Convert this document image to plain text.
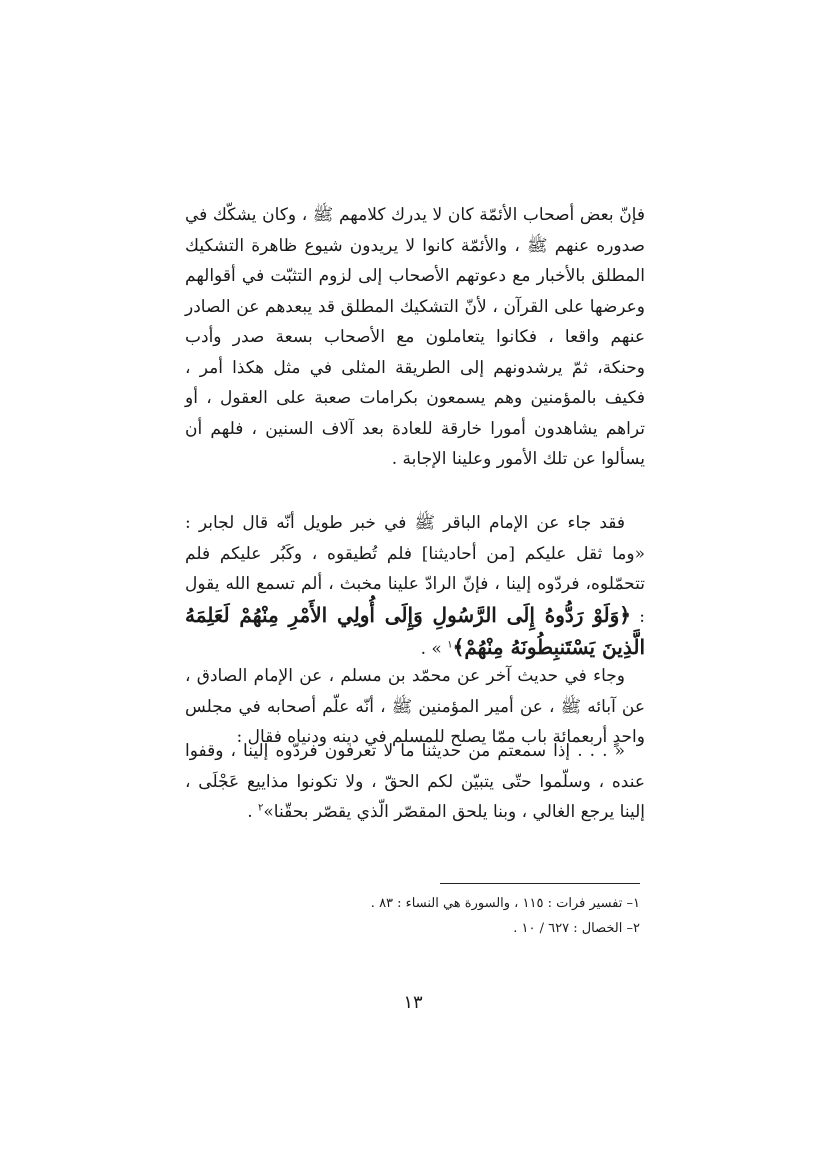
فإنّ بعض أصحاب الأئمّة كان لا يدرك كلامهم ﷺ ، وكان يشكّك في صدوره عنهم ﷺ ، والأئمّة كانوا لا يريدون شيوع ظاهرة التشكيك المطلق بالأخبار مع دعوتهم الأصحاب إلى لزوم التثبّت في أقوالهم وعرضها على القرآن ، لأنّ التشكيك المطلق قد يبعدهم عن الصادر عنهم واقعا ، فكانوا يتعاملون مع الأصحاب بسعة صدر وأدب وحنكة، ثمّ يرشدونهم إلى الطريقة المثلى في مثل هكذا أمر ، فكيف بالمؤمنين وهم يسمعون بكرامات صعبة على العقول ، أو تراهم يشاهدون أمورا خارقة للعادة بعد آلاف السنين ، فلهم أن يسألوا عن تلك الأمور وعلينا الإجابة .

فقد جاء عن الإمام الباقر ﷺ في خبر طويل أنّه قال لجابر : «وما ثقل عليكم [من أحاديثنا] فلم تُطيقوه ، وكَبُر عليكم فلم تتحمّلوه، فردّوه إلينا ، فإنّ الرادّ علينا مخبث ، ألم تسمع الله يقول : ﴿وَلَوْ رَدُّوهُ إِلَى الرَّسُولِ وَإِلَى أُولِي الأَمْرِ مِنْهُمْ لَعَلِمَهُ الَّذِينَ يَسْتَنبِطُونَهُ مِنْهُمْ﴾$^١$ » .

وجاء في حديث آخر عن محمّد بن مسلم ، عن الإمام الصادق ، عن آبائه ﷺ ، عن أمير المؤمنين ﷺ ، أنّه علّم أصحابه في مجلس واحدٍ أربعمائة باب ممّا يصلح للمسلم في دينه ودنياه فقال :

« . . . إذا سمعتم من حديثنا ما لا تعرفون فردّوه إلينا ، وقفوا عنده ، وسلّموا حتّى يتبيّن لكم الحقّ ، ولا تكونوا مذاييع عَجْلَى ، إلينا يرجع الغالي ، وبنا يلحق المقصّر الّذي يقصّر بحقّنا»$^٢$ .

١– تفسير فرات : ١١٥ ، والسورة هي النساء : ٨٣ .

٢– الخصال : ٦٢٧ / ١٠ .

١٣
